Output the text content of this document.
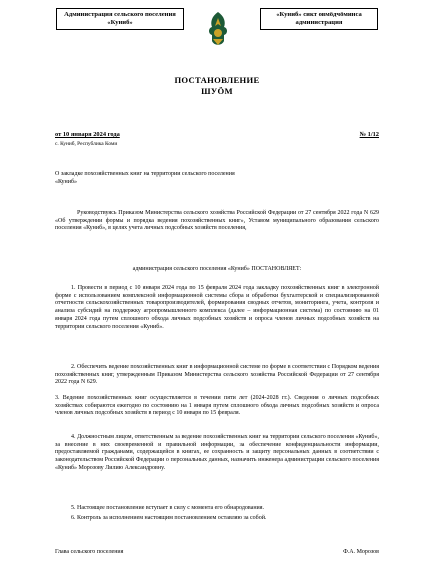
Администрация сельского поселения «Куниб»
«Куниб» сикт овмӧдчӧминса администрация
ПОСТАНОВЛЕНИЕ
ШУӦМ
от 10 января 2024 года	№ 1/12
с. Куниб, Республика Коми
О закладке похозяйственных книг на территории сельского поселения «Куниб»
Руководствуясь Приказом Министерства сельского хозяйства Российской Федерации от 27 сентября 2022 года N 629 «Об утверждении формы и порядка ведения похозяйственных книг», Уставом муниципального образования сельского поселения «Куниб», в целях учета личных подсобных хозяйств поселения,
администрация сельского поселения «Куниб» ПОСТАНОВЛЯЕТ:
1. Провести в период с 10 января 2024 года по 15 февраля 2024 года закладку похозяйственных книг в электронной форме с использованием комплексной информационной системы сбора и обработки бухгалтерской и специализированной отчетности сельскохозяйственных товаропроизводителей, формирования сводных отчетов, мониторинга, учета, контроля и анализа субсидий на поддержку агропромышленного комплекса (далее – информационная система) по состоянию на 01 января 2024 года путем сплошного обхода личных подсобных хозяйств и опроса членов личных подсобных хозяйств на территории сельского поселения «Куниб».
2. Обеспечить ведение похозяйственных книг в информационной системе по форме в соответствии с Порядком ведения похозяйственных книг, утвержденным Приказом Министерства сельского хозяйства Российской Федерации от 27 сентября 2022 года N 629.
3. Ведение похозяйственных книг осуществляется в течении пяти лет (2024-2028 гг.). Сведения о личных подсобных хозяйствах собираются ежегодно по состоянию на 1 января путем сплошного обхода личных подсобных хозяйств и опроса членов личных подсобных хозяйств в период с 10 января по 15 февраля.
4. Должностным лицом, ответственным за ведение похозяйственных книг на территории сельского поселения «Куниб», за внесение в них своевременной и правильной информации, за обеспечение конфиденциальности информации, предоставляемой гражданами, содержащейся в книгах, ее сохранность и защиту персональных данных в соответствии с законодательством Российской Федерации о персональных данных, назначить инженера администрации сельского поселения «Куниб» Морозову Лилию Александровну.
5. Настоящее постановление вступает в силу с момента его обнародования.
6. Контроль за исполнением настоящим постановлением оставляю за собой.
Глава сельского поселения	Ф.А. Морозов
